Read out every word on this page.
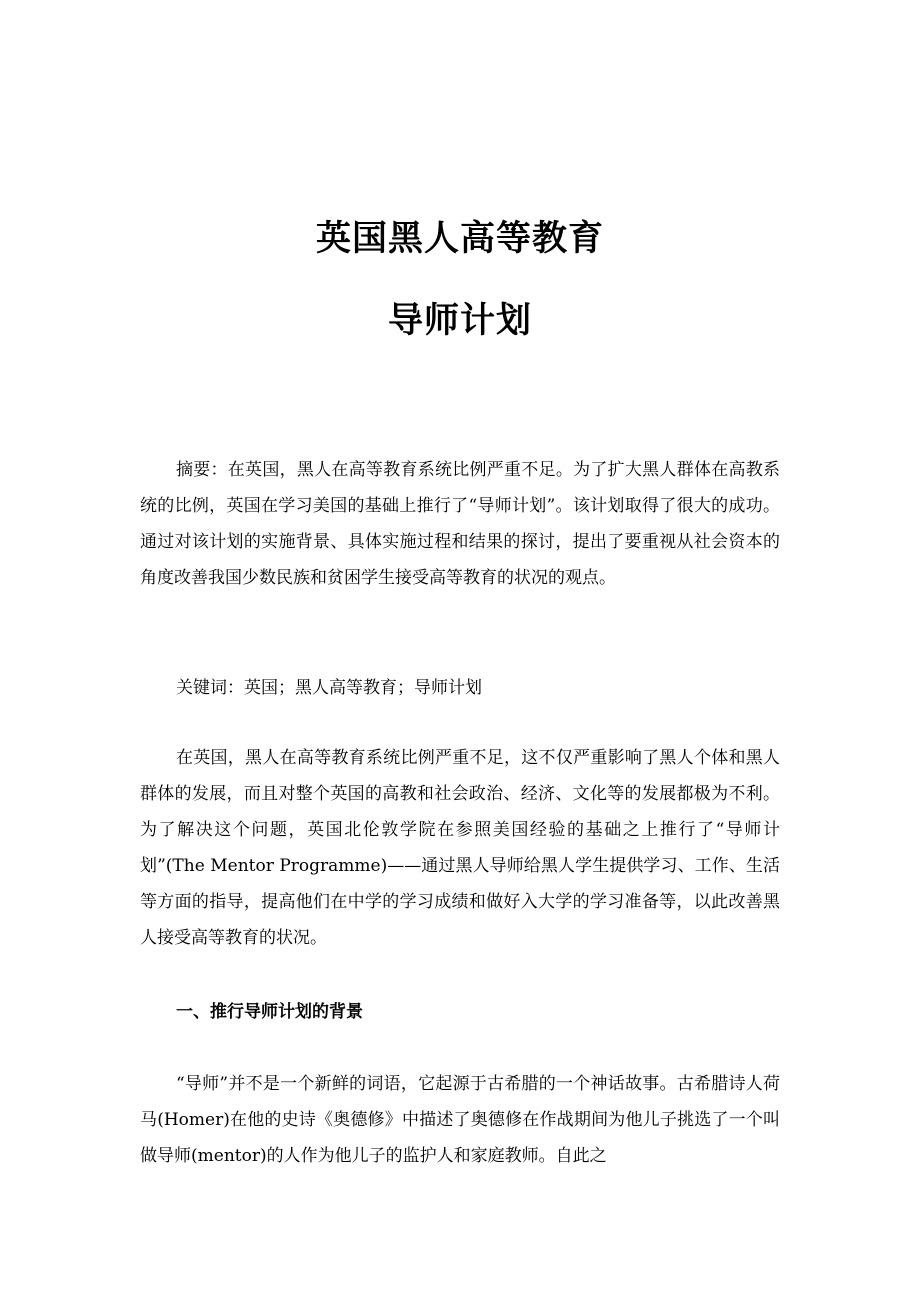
英国黑人高等教育
导师计划

摘要：在英国，黑人在高等教育系统比例严重不足。为了扩大黑人群体在高教系统的比例，英国在学习美国的基础上推行了“导师计划”。该计划取得了很大的成功。通过对该计划的实施背景、具体实施过程和结果的探讨，提出了要重视从社会资本的角度改善我国少数民族和贫困学生接受高等教育的状况的观点。

关键词：英国；黑人高等教育；导师计划

在英国，黑人在高等教育系统比例严重不足，这不仅严重影响了黑人个体和黑人群体的发展，而且对整个英国的高教和社会政治、经济、文化等的发展都极为不利。为了解决这个问题，英国北伦敦学院在参照美国经验的基础之上推行了“导师计划”(The Mentor Programme)——通过黑人导师给黑人学生提供学习、工作、生活等方面的指导，提高他们在中学的学习成绩和做好入大学的学习准备等，以此改善黑人接受高等教育的状况。

一、推行导师计划的背景

“导师”并不是一个新鲜的词语，它起源于古希腊的一个神话故事。古希腊诗人荷马(Homer)在他的史诗《奥德修》中描述了奥德修在作战期间为他儿子挑选了一个叫做导师(mentor)的人作为他儿子的监护人和家庭教师。自此之
